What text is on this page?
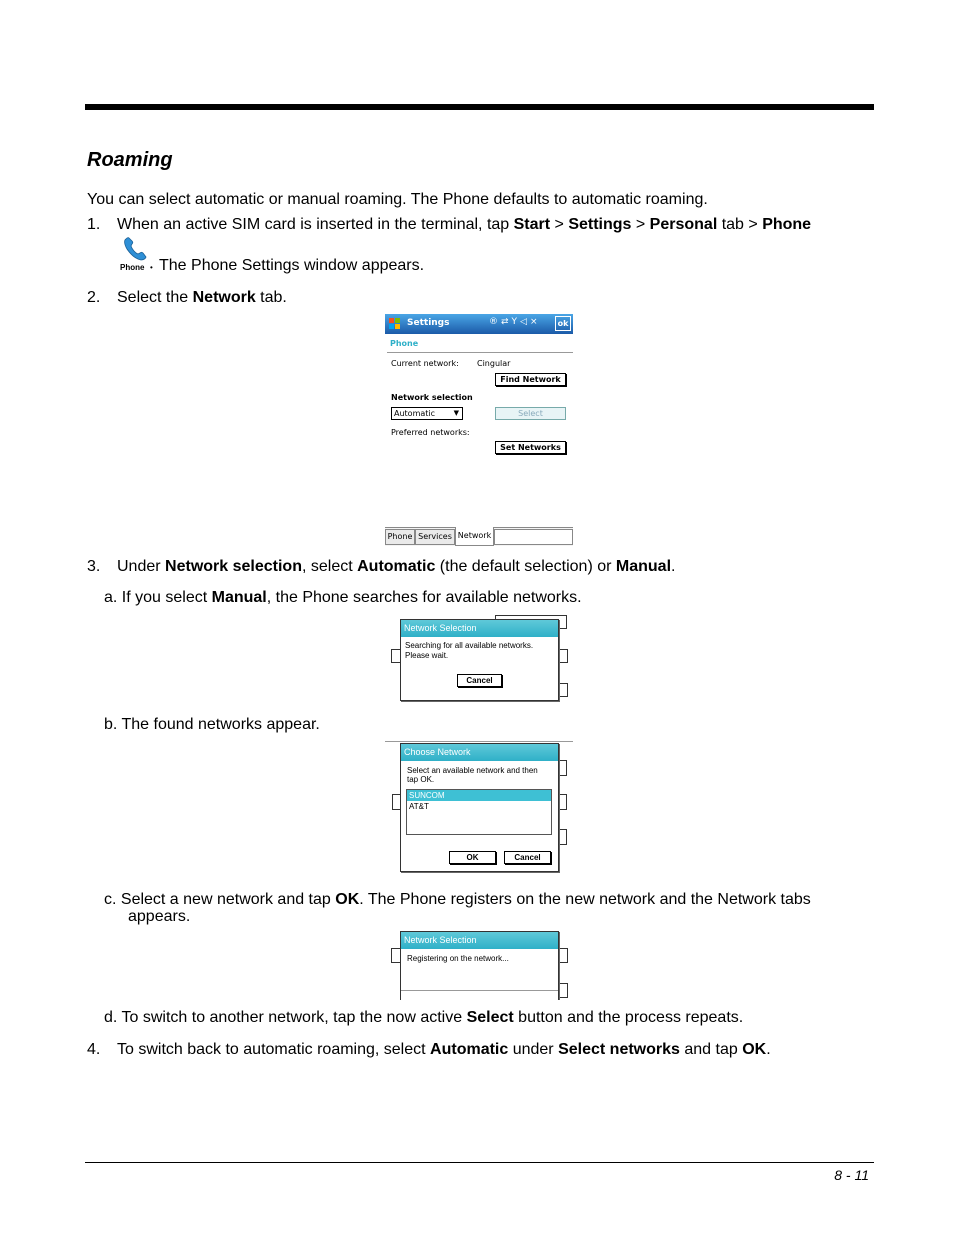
Roaming
You can select automatic or manual roaming. The Phone defaults to automatic roaming.
1. When an active SIM card is inserted in the terminal, tap Start > Settings > Personal tab > Phone
Phone • The Phone Settings window appears.
2. Select the Network tab.
Settings	®⇄Y◁×	ok
Phone
Current network: Cingular
Find Network
Network selection
Automatic	▼	Select
Preferred networks:
Set Networks
Phone Services Network
3. Under Network selection, select Automatic (the default selection) or Manual.
a. If you select Manual, the Phone searches for available networks.
Network Selection
Searching for all available networks.
Please wait.
Cancel
b. The found networks appear.
Choose Network
Select an available network and then
tap OK.
SUNCOM
AT&T
OK	Cancel
c. Select a new network and tap OK. The Phone registers on the new network and the Network tabs
appears.
Network Selection
Registering on the network...
d. To switch to another network, tap the now active Select button and the process repeats.
4. To switch back to automatic roaming, select Automatic under Select networks and tap OK.
8 - 11
